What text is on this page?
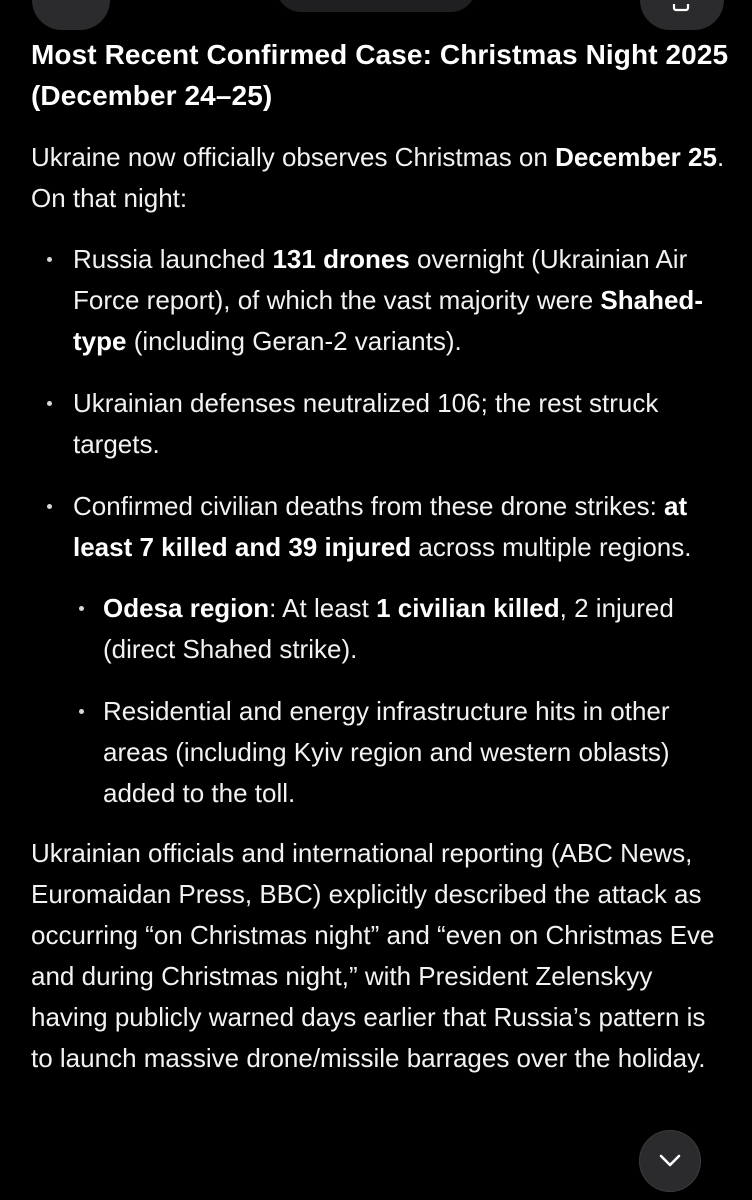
Most Recent Confirmed Case: Christmas Night 2025 (December 24–25)

Ukraine now officially observes Christmas on December 25. On that night:

Russia launched 131 drones overnight (Ukrainian Air Force report), of which the vast majority were Shahed-type (including Geran-2 variants).
Ukrainian defenses neutralized 106; the rest struck targets.
Confirmed civilian deaths from these drone strikes: at least 7 killed and 39 injured across multiple regions.
Odesa region: At least 1 civilian killed, 2 injured (direct Shahed strike).
Residential and energy infrastructure hits in other areas (including Kyiv region and western oblasts) added to the toll.

Ukrainian officials and international reporting (ABC News, Euromaidan Press, BBC) explicitly described the attack as occurring “on Christmas night” and “even on Christmas Eve and during Christmas night,” with President Zelenskyy having publicly warned days earlier that Russia’s pattern is to launch massive drone/missile barrages over the holiday.
